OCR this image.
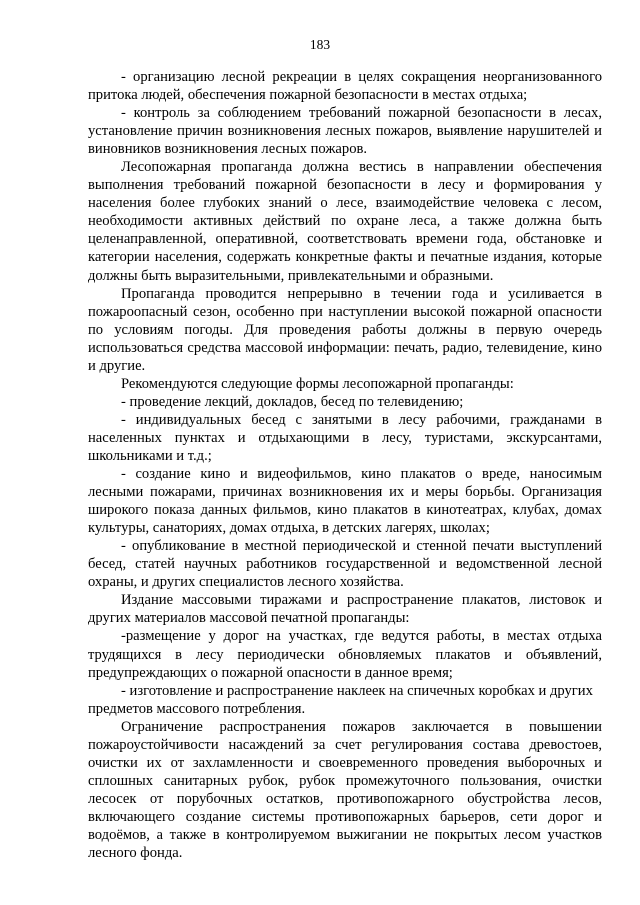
183

- организацию лесной рекреации в целях сокращения неорганизованного притока людей, обеспечения пожарной безопасности в местах отдыха;

- контроль за соблюдением требований пожарной безопасности в лесах, установление причин возникновения лесных пожаров, выявление нарушителей и виновников возникновения лесных пожаров.

Лесопожарная пропаганда должна вестись в направлении обеспечения выполнения требований пожарной безопасности в лесу и формирования у населения более глубоких знаний о лесе, взаимодействие человека с лесом, необходимости активных действий по охране леса, а также должна быть целенаправленной, оперативной, соответствовать времени года, обстановке и категории населения, содержать конкретные факты и печатные издания, которые должны быть выразительными, привлекательными и образными.

Пропаганда проводится непрерывно в течении года и усиливается в пожароопасный сезон, особенно при наступлении высокой пожарной опасности по условиям погоды. Для проведения работы должны в первую очередь использоваться средства массовой информации: печать, радио, телевидение, кино и другие.

Рекомендуются следующие формы лесопожарной пропаганды:

- проведение лекций, докладов, бесед по телевидению;

- индивидуальных бесед с занятыми в лесу рабочими, гражданами в населенных пунктах и отдыхающими в лесу, туристами, экскурсантами, школьниками и т.д.;

- создание кино и видеофильмов, кино плакатов о вреде, наносимым лесными пожарами, причинах возникновения их и меры борьбы. Организация широкого показа данных фильмов, кино плакатов в кинотеатрах, клубах, домах культуры, санаториях, домах отдыха, в детских лагерях, школах;

- опубликование в местной периодической и стенной печати выступлений бесед, статей научных работников государственной и ведомственной лесной охраны, и других специалистов лесного хозяйства.

Издание массовыми тиражами и распространение плакатов, листовок и других материалов массовой печатной пропаганды:

-размещение у дорог на участках, где ведутся работы, в местах отдыха трудящихся в лесу периодически обновляемых плакатов и объявлений, предупреждающих о пожарной опасности в данное время;

- изготовление и распространение наклеек на спичечных коробках и других предметов массового потребления.

Ограничение распространения пожаров заключается в повышении пожароустойчивости насаждений за счет регулирования состава древостоев, очистки их от захламленности и своевременного проведения выборочных и сплошных санитарных рубок, рубок промежуточного пользования, очистки лесосек от порубочных остатков, противопожарного обустройства лесов, включающего создание системы противопожарных барьеров, сети дорог и водоёмов, а также в контролируемом выжигании не покрытых лесом участков лесного фонда.
